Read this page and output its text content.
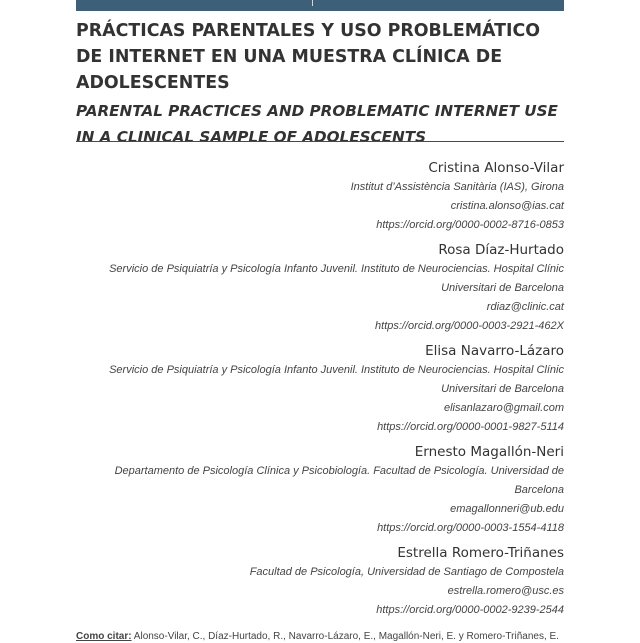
PRÁCTICAS PARENTALES Y USO PROBLEMÁTICO DE INTERNET EN UNA MUESTRA CLÍNICA DE ADOLESCENTES
PARENTAL PRACTICES AND PROBLEMATIC INTERNET USE IN A CLINICAL SAMPLE OF ADOLESCENTS
Cristina Alonso-Vilar
Institut d’Assistència Sanitària (IAS), Girona
cristina.alonso@ias.cat
https://orcid.org/0000-0002-8716-0853
Rosa Díaz-Hurtado
Servicio de Psiquiatría y Psicología Infanto Juvenil. Instituto de Neurociencias. Hospital Clínic Universitari de Barcelona
rdiaz@clinic.cat
https://orcid.org/0000-0003-2921-462X
Elisa Navarro-Lázaro
Servicio de Psiquiatría y Psicología Infanto Juvenil. Instituto de Neurociencias. Hospital Clínic Universitari de Barcelona
elisanlazaro@gmail.com
https://orcid.org/0000-0001-9827-5114
Ernesto Magallón-Neri
Departamento de Psicología Clínica y Psicobiología. Facultad de Psicología. Universidad de Barcelona
emagallonneri@ub.edu
https://orcid.org/0000-0003-1554-4118
Estrella Romero-Triñanes
Facultad de Psicología, Universidad de Santiago de Compostela
estrella.romero@usc.es
https://orcid.org/0000-0002-9239-2544
Como citar: Alonso-Vilar, C., Díaz-Hurtado, R., Navarro-Lázaro, E., Magallón-Neri, E. y Romero-Triñanes, E.
